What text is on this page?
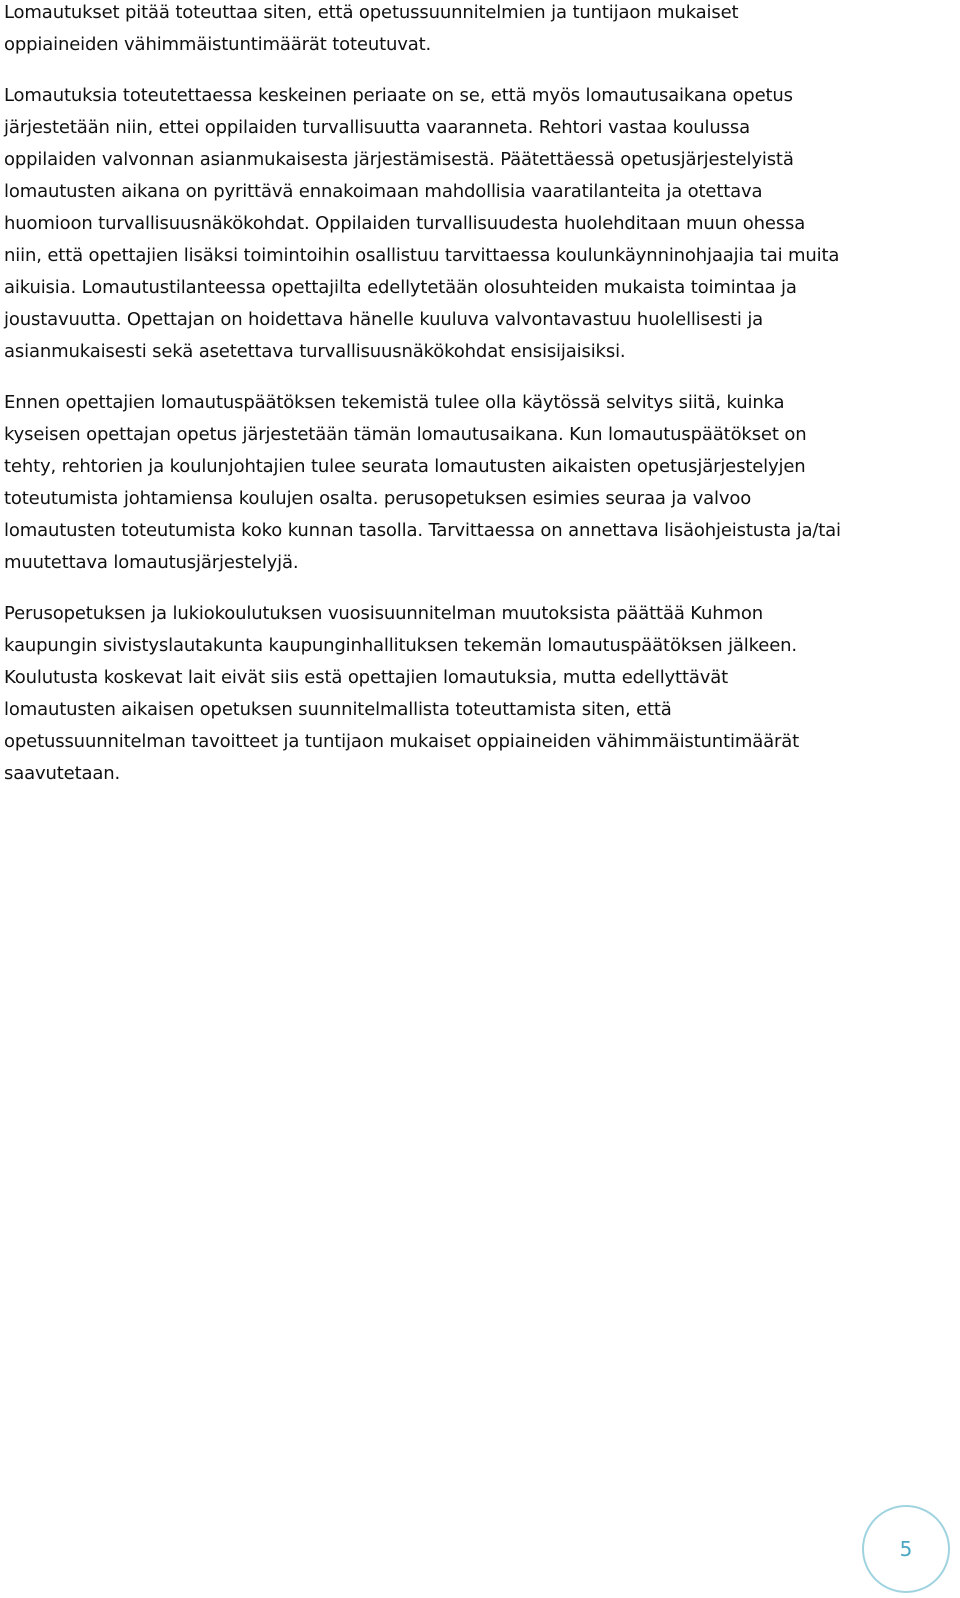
Lomautukset pitää toteuttaa siten, että opetussuunnitelmien ja tuntijaon mukaiset oppiaineiden vähimmäistuntimäärät toteutuvat.

Lomautuksia toteutettaessa keskeinen periaate on se, että myös lomautusaikana opetus järjestetään niin, ettei oppilaiden turvallisuutta vaaranneta. Rehtori vastaa koulussa oppilaiden valvonnan asianmukaisesta järjestämisestä. Päätettäessä opetusjärjestelyistä lomautusten aikana on pyrittävä ennakoimaan mahdollisia vaaratilanteita ja otettava huomioon turvallisuusnäkökohdat. Oppilaiden turvallisuudesta huolehditaan muun ohessa niin, että opettajien lisäksi toimintoihin osallistuu tarvittaessa koulunkäynninohjaajia tai muita aikuisia. Lomautustilanteessa opettajilta edellytetään olosuhteiden mukaista toimintaa ja joustavuutta. Opettajan on hoidettava hänelle kuuluva valvontavastuu huolellisesti ja asianmukaisesti sekä asetettava turvallisuusnäkökohdat ensisijaisiksi.

Ennen opettajien lomautuspäätöksen tekemistä tulee olla käytössä selvitys siitä, kuinka kyseisen opettajan opetus järjestetään tämän lomautusaikana. Kun lomautuspäätökset on tehty, rehtorien ja koulunjohtajien tulee seurata lomautusten aikaisten opetusjärjestelyjen toteutumista johtamiensa koulujen osalta. perusopetuksen esimies seuraa ja valvoo lomautusten toteutumista koko kunnan tasolla. Tarvittaessa on annettava lisäohjeistusta ja/tai muutettava lomautusjärjestelyjä.

Perusopetuksen ja lukiokoulutuksen vuosisuunnitelman muutoksista päättää Kuhmon kaupungin sivistyslautakunta kaupunginhallituksen tekemän lomautuspäätöksen jälkeen. Koulutusta koskevat lait eivät siis estä opettajien lomautuksia, mutta edellyttävät lomautusten aikaisen opetuksen suunnitelmallista toteuttamista siten, että opetussuunnitelman tavoitteet ja tuntijaon mukaiset oppiaineiden vähimmäistuntimäärät saavutetaan.

5
